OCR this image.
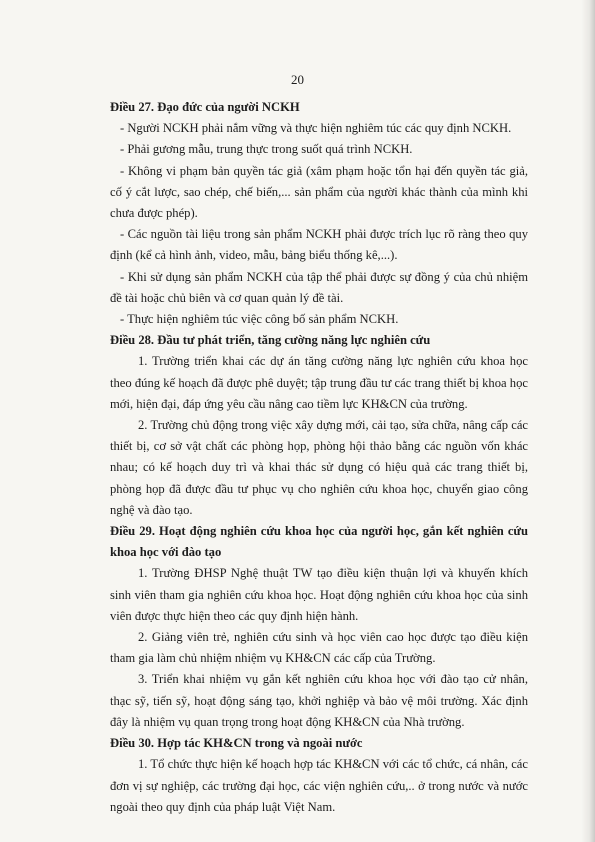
20

Điều 27. Đạo đức của người NCKH

- Người NCKH phải nắm vững và thực hiện nghiêm túc các quy định NCKH.

- Phải gương mẫu, trung thực trong suốt quá trình NCKH.

- Không vi phạm bản quyền tác giả (xâm phạm hoặc tổn hại đến quyền tác giả, cố ý cắt lược, sao chép, chế biến,... sản phẩm của người khác thành của mình khi chưa được phép).

- Các nguồn tài liệu trong sản phẩm NCKH phải được trích lục rõ ràng theo quy định (kể cả hình ảnh, video, mẫu, bảng biểu thống kê,...).

- Khi sử dụng sản phẩm NCKH của tập thể phải được sự đồng ý của chủ nhiệm đề tài hoặc chủ biên và cơ quan quản lý đề tài.

- Thực hiện nghiêm túc việc công bố sản phẩm NCKH.

Điều 28. Đầu tư phát triển, tăng cường năng lực nghiên cứu

1. Trường triển khai các dự án tăng cường năng lực nghiên cứu khoa học theo đúng kế hoạch đã được phê duyệt; tập trung đầu tư các trang thiết bị khoa học mới, hiện đại, đáp ứng yêu cầu nâng cao tiềm lực KH&CN của trường.

2. Trường chủ động trong việc xây dựng mới, cải tạo, sửa chữa, nâng cấp các thiết bị, cơ sở vật chất các phòng họp, phòng hội thảo bằng các nguồn vốn khác nhau; có kế hoạch duy trì và khai thác sử dụng có hiệu quả các trang thiết bị, phòng họp đã được đầu tư phục vụ cho nghiên cứu khoa học, chuyển giao công nghệ và đào tạo.

Điều 29. Hoạt động nghiên cứu khoa học của người học, gắn kết nghiên cứu khoa học với đào tạo

1. Trường ĐHSP Nghệ thuật TW tạo điều kiện thuận lợi và khuyến khích sinh viên tham gia nghiên cứu khoa học. Hoạt động nghiên cứu khoa học của sinh viên được thực hiện theo các quy định hiện hành.

2. Giảng viên trẻ, nghiên cứu sinh và học viên cao học được tạo điều kiện tham gia làm chủ nhiệm nhiệm vụ KH&CN các cấp của Trường.

3. Triển khai nhiệm vụ gắn kết nghiên cứu khoa học với đào tạo cử nhân, thạc sỹ, tiến sỹ, hoạt động sáng tạo, khởi nghiệp và bảo vệ môi trường. Xác định đây là nhiệm vụ quan trọng trong hoạt động KH&CN của Nhà trường.

Điều 30. Hợp tác KH&CN trong và ngoài nước

1. Tổ chức thực hiện kế hoạch hợp tác KH&CN với các tổ chức, cá nhân, các đơn vị sự nghiệp, các trường đại học, các viện nghiên cứu,.. ở trong nước và nước ngoài theo quy định của pháp luật Việt Nam.
